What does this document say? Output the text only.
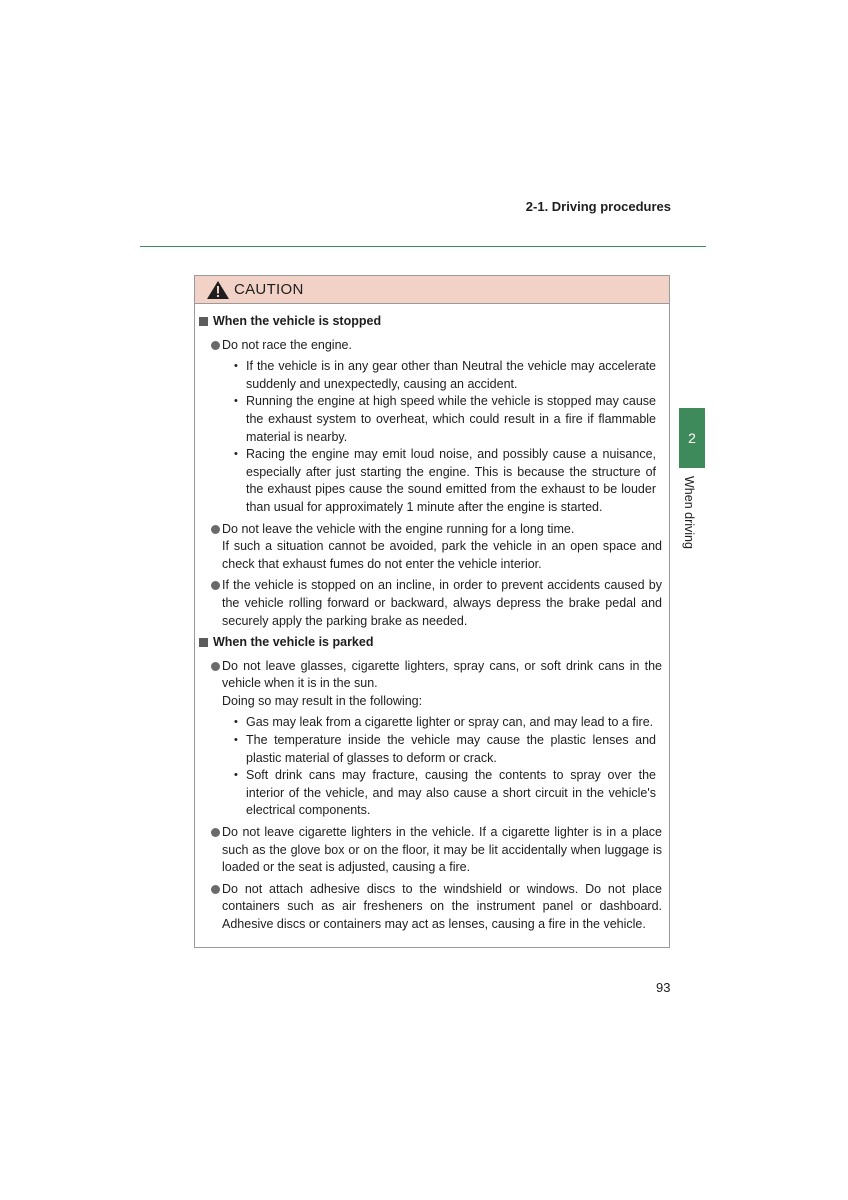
2-1. Driving procedures
2
When driving
CAUTION
When the vehicle is stopped
Do not race the engine.
• If the vehicle is in any gear other than Neutral the vehicle may accelerate suddenly and unexpectedly, causing an accident.
• Running the engine at high speed while the vehicle is stopped may cause the exhaust system to overheat, which could result in a fire if flammable material is nearby.
• Racing the engine may emit loud noise, and possibly cause a nuisance, especially after just starting the engine. This is because the structure of the exhaust pipes cause the sound emitted from the exhaust to be louder than usual for approximately 1 minute after the engine is started.
Do not leave the vehicle with the engine running for a long time.
If such a situation cannot be avoided, park the vehicle in an open space and check that exhaust fumes do not enter the vehicle interior.
If the vehicle is stopped on an incline, in order to prevent accidents caused by the vehicle rolling forward or backward, always depress the brake pedal and securely apply the parking brake as needed.
When the vehicle is parked
Do not leave glasses, cigarette lighters, spray cans, or soft drink cans in the vehicle when it is in the sun.
Doing so may result in the following:
• Gas may leak from a cigarette lighter or spray can, and may lead to a fire.
• The temperature inside the vehicle may cause the plastic lenses and plastic material of glasses to deform or crack.
• Soft drink cans may fracture, causing the contents to spray over the interior of the vehicle, and may also cause a short circuit in the vehicle's electrical components.
Do not leave cigarette lighters in the vehicle. If a cigarette lighter is in a place such as the glove box or on the floor, it may be lit accidentally when luggage is loaded or the seat is adjusted, causing a fire.
Do not attach adhesive discs to the windshield or windows. Do not place containers such as air fresheners on the instrument panel or dashboard. Adhesive discs or containers may act as lenses, causing a fire in the vehicle.
93
